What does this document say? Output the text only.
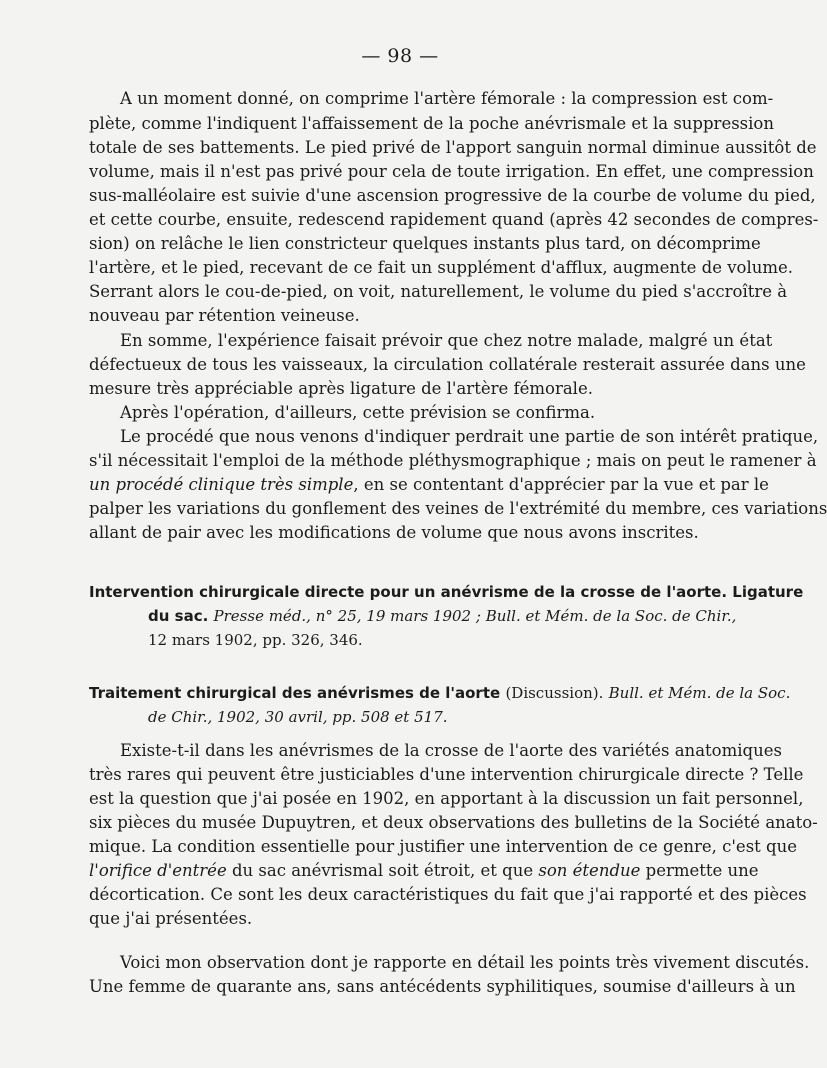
— 98 —
A un moment donné, on comprime l'artère fémorale : la compression est com-
plète, comme l'indiquent l'affaissement de la poche anévrismale et la suppression
totale de ses battements. Le pied privé de l'apport sanguin normal diminue aussitôt de
volume, mais il n'est pas privé pour cela de toute irrigation. En effet, une compression
sus-malléolaire est suivie d'une ascension progressive de la courbe de volume du pied,
et cette courbe, ensuite, redescend rapidement quand (après 42 secondes de compres-
sion) on relâche le lien constricteur quelques instants plus tard, on décomprime
l'artère, et le pied, recevant de ce fait un supplément d'afflux, augmente de volume.
Serrant alors le cou-de-pied, on voit, naturellement, le volume du pied s'accroître à
nouveau par rétention veineuse.
En somme, l'expérience faisait prévoir que chez notre malade, malgré un état
défectueux de tous les vaisseaux, la circulation collatérale resterait assurée dans une
mesure très appréciable après ligature de l'artère fémorale.
Après l'opération, d'ailleurs, cette prévision se confirma.
Le procédé que nous venons d'indiquer perdrait une partie de son intérêt pratique,
s'il nécessitait l'emploi de la méthode pléthysmographique ; mais on peut le ramener à
un procédé clinique très simple, en se contentant d'apprécier par la vue et par le
palper les variations du gonflement des veines de l'extrémité du membre, ces variations
allant de pair avec les modifications de volume que nous avons inscrites.
Intervention chirurgicale directe pour un anévrisme de la crosse de l'aorte. Ligature
du sac. Presse méd., n° 25, 19 mars 1902 ; Bull. et Mém. de la Soc. de Chir.,
12 mars 1902, pp. 326, 346.
Traitement chirurgical des anévrismes de l'aorte (Discussion). Bull. et Mém. de la Soc.
de Chir., 1902, 30 avril, pp. 508 et 517.
Existe-t-il dans les anévrismes de la crosse de l'aorte des variétés anatomiques
très rares qui peuvent être justiciables d'une intervention chirurgicale directe ? Telle
est la question que j'ai posée en 1902, en apportant à la discussion un fait personnel,
six pièces du musée Dupuytren, et deux observations des bulletins de la Société anato-
mique. La condition essentielle pour justifier une intervention de ce genre, c'est que
l'orifice d'entrée du sac anévrismal soit étroit, et que son étendue permette une
décortication. Ce sont les deux caractéristiques du fait que j'ai rapporté et des pièces
que j'ai présentées.
Voici mon observation dont je rapporte en détail les points très vivement discutés.
Une femme de quarante ans, sans antécédents syphilitiques, soumise d'ailleurs à un
